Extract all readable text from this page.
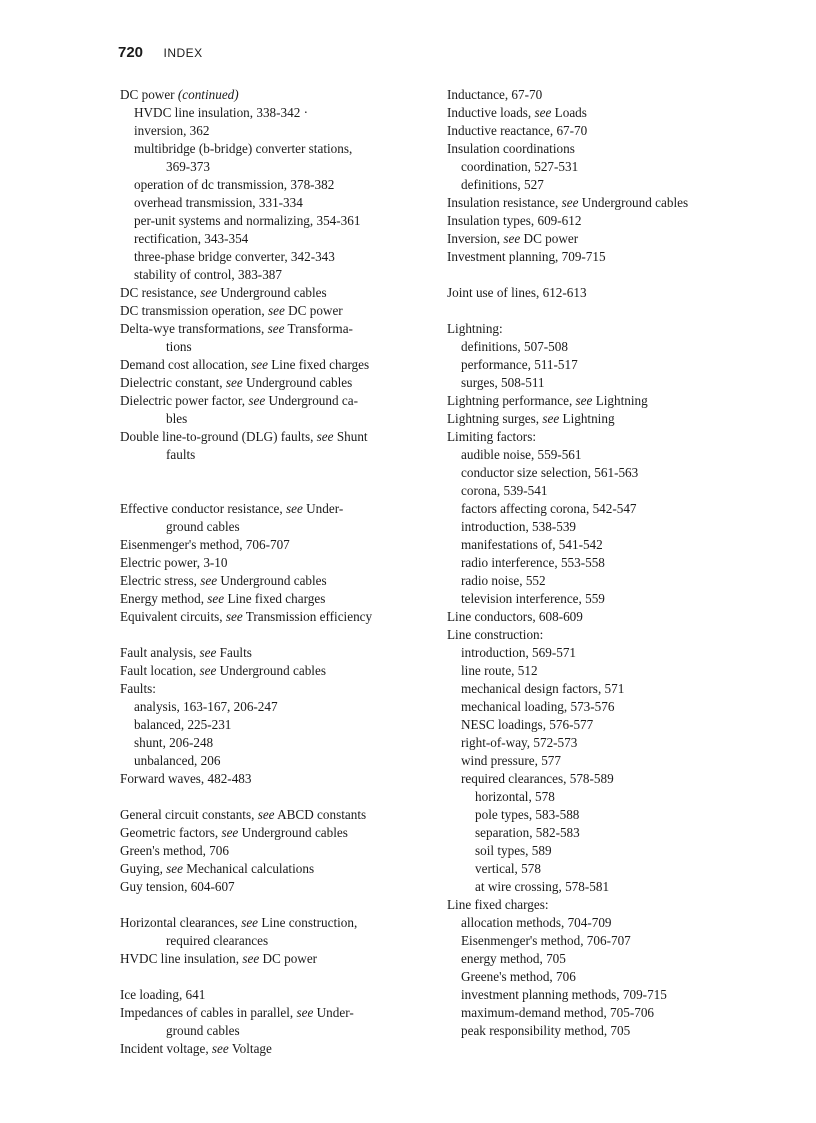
720 INDEX
DC power (continued)
HVDC line insulation, 338-342 ·
inversion, 362
multibridge (b-bridge) converter stations,
369-373
operation of dc transmission, 378-382
overhead transmission, 331-334
per-unit systems and normalizing, 354-361
rectification, 343-354
three-phase bridge converter, 342-343
stability of control, 383-387
DC resistance, see Underground cables
DC transmission operation, see DC power
Delta-wye transformations, see Transforma-
tions
Demand cost allocation, see Line fixed charges
Dielectric constant, see Underground cables
Dielectric power factor, see Underground ca-
bles
Double line-to-ground (DLG) faults, see Shunt
faults
Effective conductor resistance, see Under-
ground cables
Eisenmenger's method, 706-707
Electric power, 3-10
Electric stress, see Underground cables
Energy method, see Line fixed charges
Equivalent circuits, see Transmission efficiency
Fault analysis, see Faults
Fault location, see Underground cables
Faults:
analysis, 163-167, 206-247
balanced, 225-231
shunt, 206-248
unbalanced, 206
Forward waves, 482-483
General circuit constants, see ABCD constants
Geometric factors, see Underground cables
Green's method, 706
Guying, see Mechanical calculations
Guy tension, 604-607
Horizontal clearances, see Line construction,
required clearances
HVDC line insulation, see DC power
Ice loading, 641
Impedances of cables in parallel, see Under-
ground cables
Incident voltage, see Voltage
Inductance, 67-70
Inductive loads, see Loads
Inductive reactance, 67-70
Insulation coordinations
coordination, 527-531
definitions, 527
Insulation resistance, see Underground cables
Insulation types, 609-612
Inversion, see DC power
Investment planning, 709-715
Joint use of lines, 612-613
Lightning:
definitions, 507-508
performance, 511-517
surges, 508-511
Lightning performance, see Lightning
Lightning surges, see Lightning
Limiting factors:
audible noise, 559-561
conductor size selection, 561-563
corona, 539-541
factors affecting corona, 542-547
introduction, 538-539
manifestations of, 541-542
radio interference, 553-558
radio noise, 552
television interference, 559
Line conductors, 608-609
Line construction:
introduction, 569-571
line route, 512
mechanical design factors, 571
mechanical loading, 573-576
NESC loadings, 576-577
right-of-way, 572-573
wind pressure, 577
required clearances, 578-589
horizontal, 578
pole types, 583-588
separation, 582-583
soil types, 589
vertical, 578
at wire crossing, 578-581
Line fixed charges:
allocation methods, 704-709
Eisenmenger's method, 706-707
energy method, 705
Greene's method, 706
investment planning methods, 709-715
maximum-demand method, 705-706
peak responsibility method, 705
